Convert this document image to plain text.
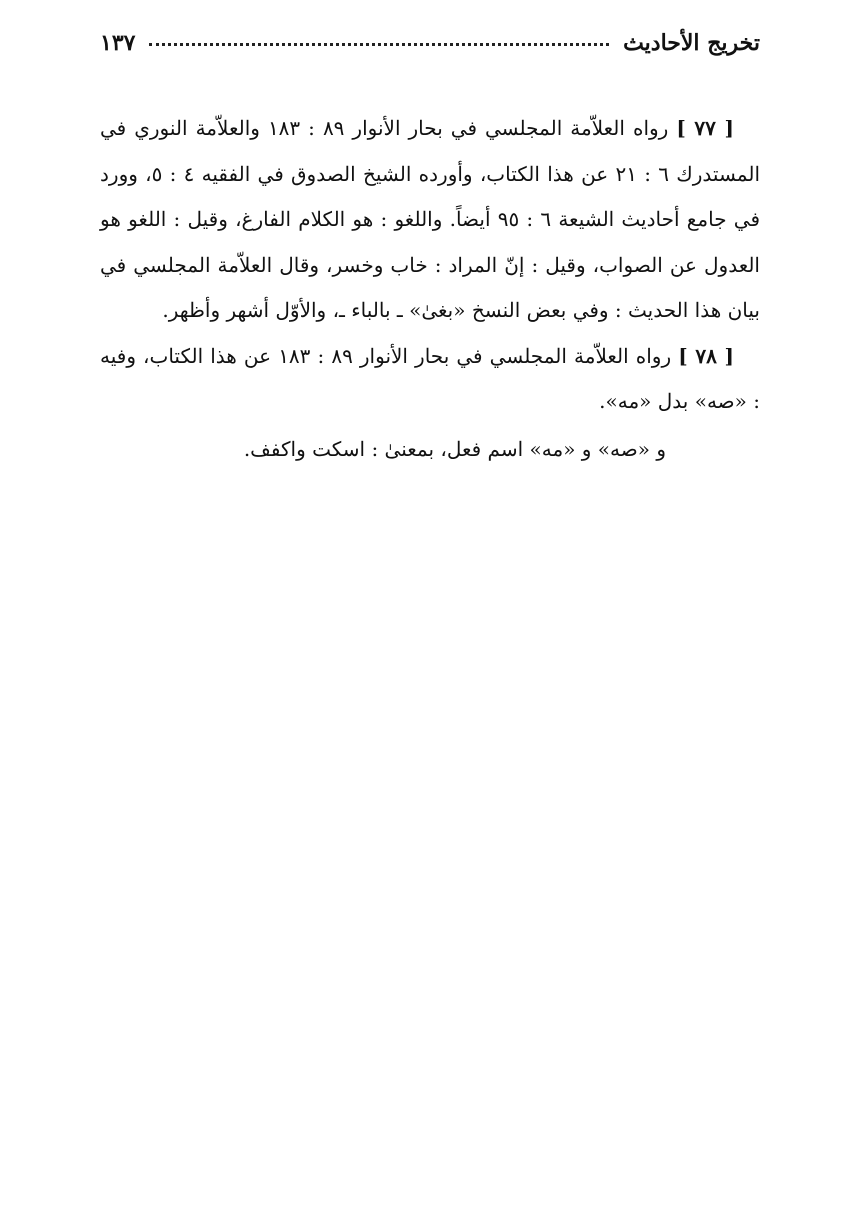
تخريج الأحاديث
١٣٧

[ ٧٧ ] رواه العلاّمة المجلسي في بحار الأنوار ٨٩ : ١٨٣ والعلاّمة النوري في المستدرك ٦ : ٢١ عن هذا الكتاب، وأورده الشيخ الصدوق في الفقيه ٤ : ٥، وورد في جامع أحاديث الشيعة ٦ : ٩٥ أيضاً. واللغو : هو الكلام الفارغ، وقيل : اللغو هو العدول عن الصواب، وقيل : إنّ المراد : خاب وخسر، وقال العلاّمة المجلسي في بيان هذا الحديث : وفي بعض النسخ «بغىٰ» ـ بالباء ـ، والأوّل أشهر وأظهر.

[ ٧٨ ] رواه العلاّمة المجلسي في بحار الأنوار ٨٩ : ١٨٣ عن هذا الكتاب، وفيه : «صه» بدل «مه».

و «صه» و «مه» اسم فعل، بمعنىٰ : اسكت واكفف.
